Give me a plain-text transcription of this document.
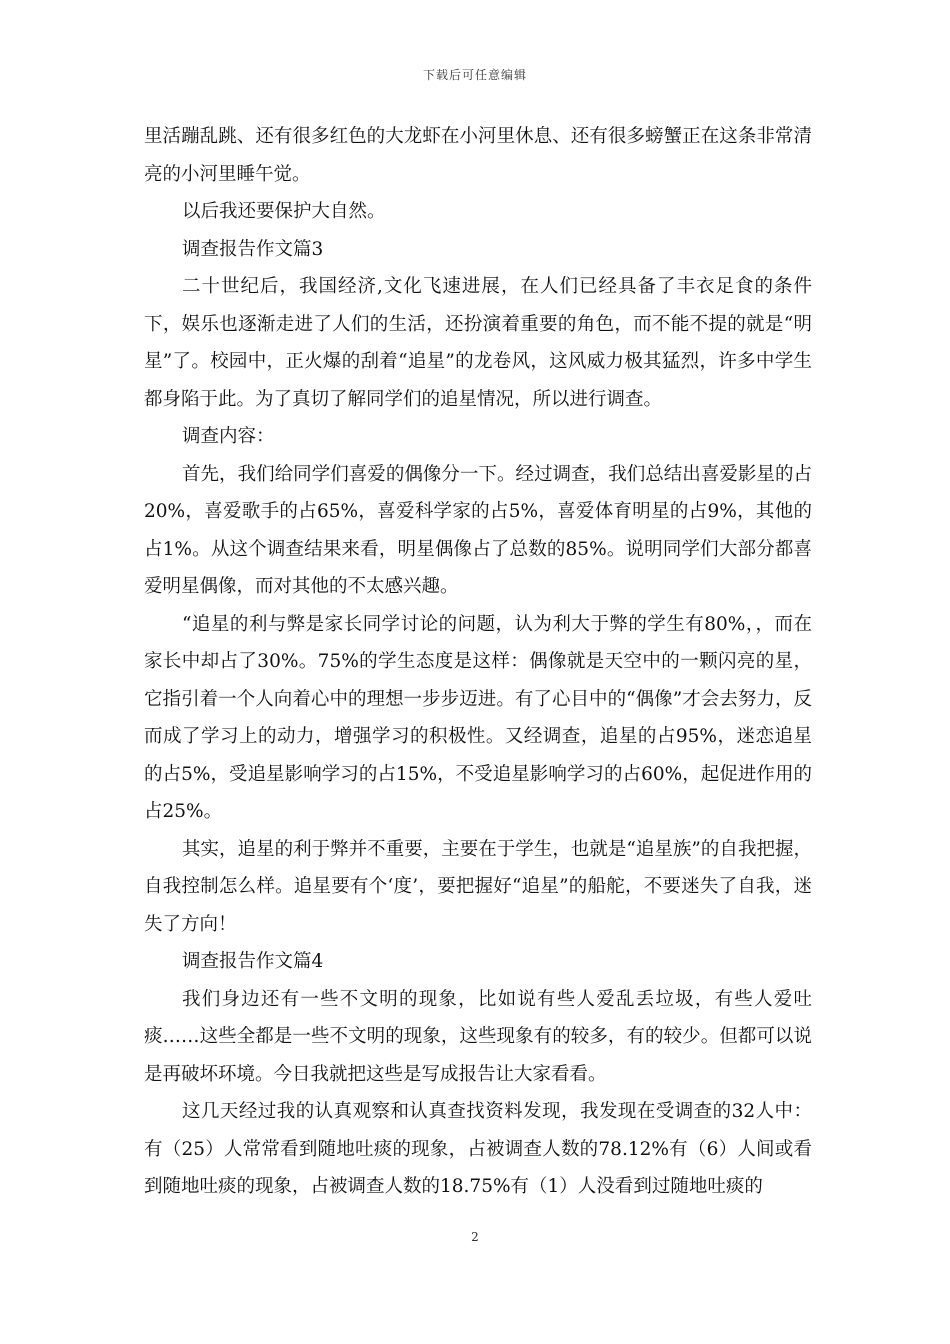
下载后可任意编辑

里活蹦乱跳、还有很多红色的大龙虾在小河里休息、还有很多螃蟹正在这条非常清亮的小河里睡午觉。

以后我还要保护大自然。

调查报告作文篇3

二十世纪后，我国经济,文化飞速进展，在人们已经具备了丰衣足食的条件下，娱乐也逐渐走进了人们的生活，还扮演着重要的角色，而不能不提的就是“明星”了。校园中，正火爆的刮着“追星”的龙卷风，这风威力极其猛烈，许多中学生都身陷于此。为了真切了解同学们的追星情况，所以进行调查。

调查内容：

首先，我们给同学们喜爱的偶像分一下。经过调查，我们总结出喜爱影星的占20%，喜爱歌手的占65%，喜爱科学家的占5%，喜爱体育明星的占9%，其他的占1%。从这个调查结果来看，明星偶像占了总数的85%。说明同学们大部分都喜爱明星偶像，而对其他的不太感兴趣。

“追星的利与弊是家长同学讨论的问题，认为利大于弊的学生有80%，，而在家长中却占了30%。75%的学生态度是这样：偶像就是天空中的一颗闪亮的星，它指引着一个人向着心中的理想一步步迈进。有了心目中的“偶像”才会去努力，反而成了学习上的动力，增强学习的积极性。又经调查，追星的占95%，迷恋追星的占5%，受追星影响学习的占15%，不受追星影响学习的占60%，起促进作用的占25%。

其实，追星的利于弊并不重要，主要在于学生，也就是“追星族”的自我把握，自我控制怎么样。追星要有个‘度’，要把握好“追星”的船舵，不要迷失了自我，迷失了方向！

调查报告作文篇4

我们身边还有一些不文明的现象，比如说有些人爱乱丢垃圾，有些人爱吐痰……这些全都是一些不文明的现象，这些现象有的较多，有的较少。但都可以说是再破坏环境。今日我就把这些是写成报告让大家看看。

这几天经过我的认真观察和认真查找资料发现，我发现在受调查的32人中：有（25）人常常看到随地吐痰的现象，占被调查人数的78.12%有（6）人间或看到随地吐痰的现象，占被调查人数的18.75%有（1）人没看到过随地吐痰的

2
